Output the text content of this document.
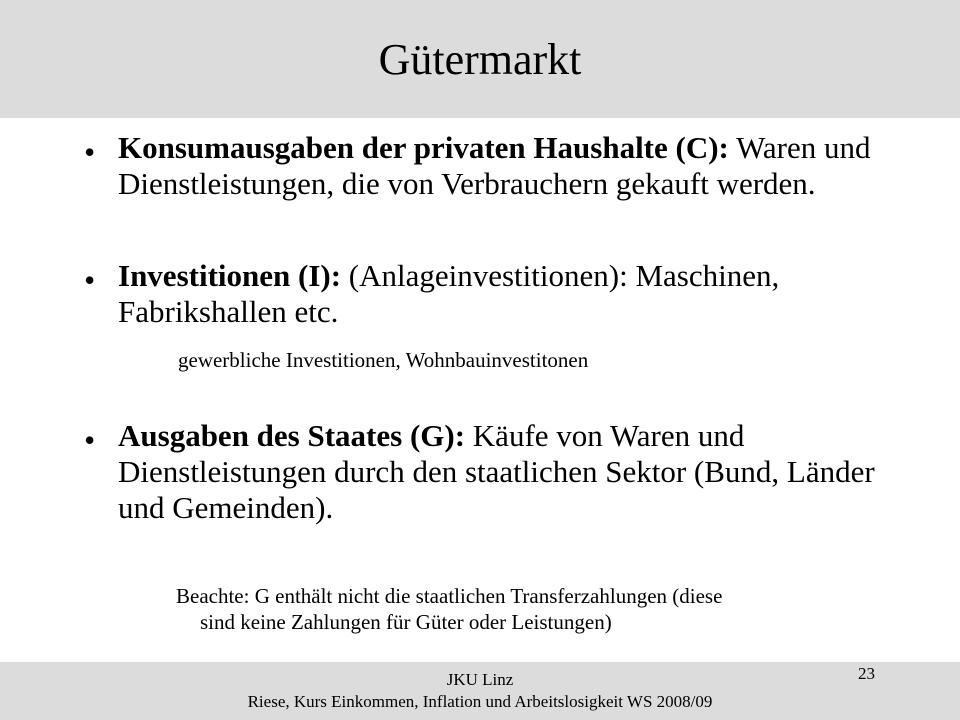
Gütermarkt
• Konsumausgaben der privaten Haushalte (C): Waren und Dienstleistungen, die von Verbrauchern gekauft werden.
• Investitionen (I): (Anlageinvestitionen): Maschinen, Fabrikshallen etc.
gewerbliche Investitionen, Wohnbauinvestitonen
• Ausgaben des Staates (G): Käufe von Waren und Dienstleistungen durch den staatlichen Sektor (Bund, Länder und Gemeinden).
Beachte: G enthält nicht die staatlichen Transferzahlungen (diese
sind keine Zahlungen für Güter oder Leistungen)
JKU Linz
Riese, Kurs Einkommen, Inflation und Arbeitslosigkeit WS 2008/09
23
